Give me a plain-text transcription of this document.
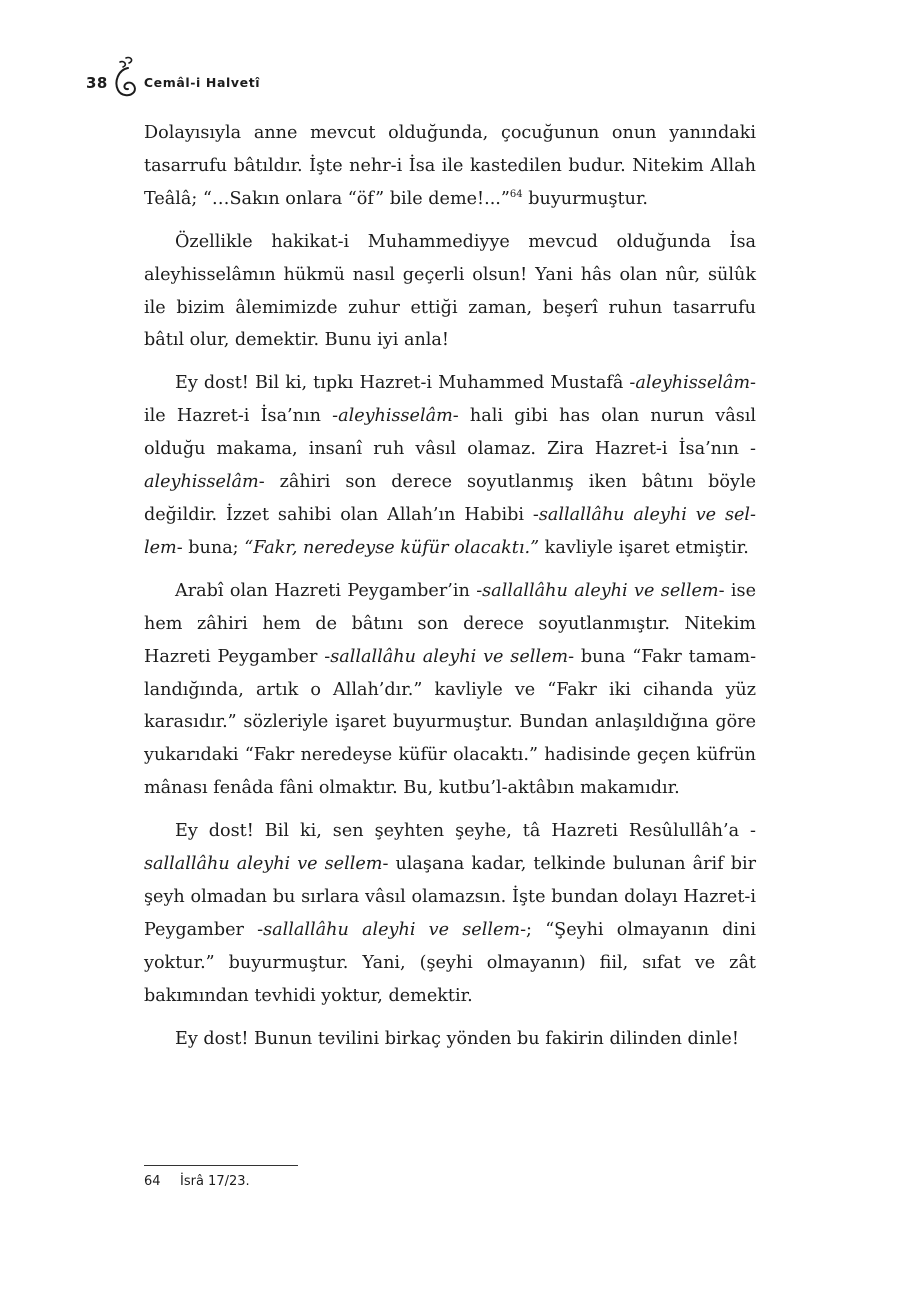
38	Cemâl-i Halvetî

Dolayısıyla anne mevcut olduğunda, çocuğunun onun yanındaki tasarrufu bâtıldır. İşte nehr-i İsa ile kastedilen budur. Nitekim Allah Teâlâ; “…Sakın onlara “öf” bile deme!...”$^{64}$ buyurmuştur.

Özellikle hakikat-i Muhammediyye mevcud olduğunda İsa aleyhisselâmın hükmü nasıl geçerli olsun! Yani hâs olan nûr, sülûk ile bizim âlemimizde zuhur ettiği zaman, beşerî ruhun tasarrufu bâtıl olur, demektir. Bunu iyi anla!

Ey dost! Bil ki, tıpkı Hazret-i Muhammed Mustafâ -aleyhisselâm- ile Hazret-i İsa’nın -aleyhisselâm- hali gibi has olan nurun vâsıl olduğu makama, insanî ruh vâsıl olamaz. Zira Hazret-i İsa’nın -aleyhisselâm- zâhiri son derece soyutlanmış iken bâtını böyle değildir. İzzet sahibi olan Allah’ın Habibi -sallallâhu aleyhi ve sellem- buna; “Fakr, neredeyse küfür olacaktı.” kavliyle işaret etmiştir.

Arabî olan Hazreti Peygamber’in -sallallâhu aleyhi ve sellem- ise hem zâhiri hem de bâtını son derece soyutlanmıştır. Nitekim Hazreti Peygamber -sallallâhu aleyhi ve sellem- buna “Fakr tamamlandığında, artık o Allah’dır.” kavliyle ve “Fakr iki cihanda yüz karasıdır.” sözleriyle işaret buyurmuştur. Bundan anlaşıldığına göre yukarıdaki “Fakr neredeyse küfür olacaktı.” hadisinde geçen küfrün mânası fenâda fâni olmaktır. Bu, kutbu’l-aktâbın makamıdır.

Ey dost! Bil ki, sen şeyhten şeyhe, tâ Hazreti Resûlullâh’a -sallallâhu aleyhi ve sellem- ulaşana kadar, telkinde bulunan ârif bir şeyh olmadan bu sırlara vâsıl olamazsın. İşte bundan dolayı Hazret-i Peygamber -sallallâhu aleyhi ve sellem-; “Şeyhi olmayanın dini yoktur.” buyurmuştur. Yani, (şeyhi olmayanın) fiil, sıfat ve zât bakımından tevhidi yoktur, demektir.

Ey dost! Bunun tevilini birkaç yönden bu fakirin dilinden dinle!

64	İsrâ 17/23.
